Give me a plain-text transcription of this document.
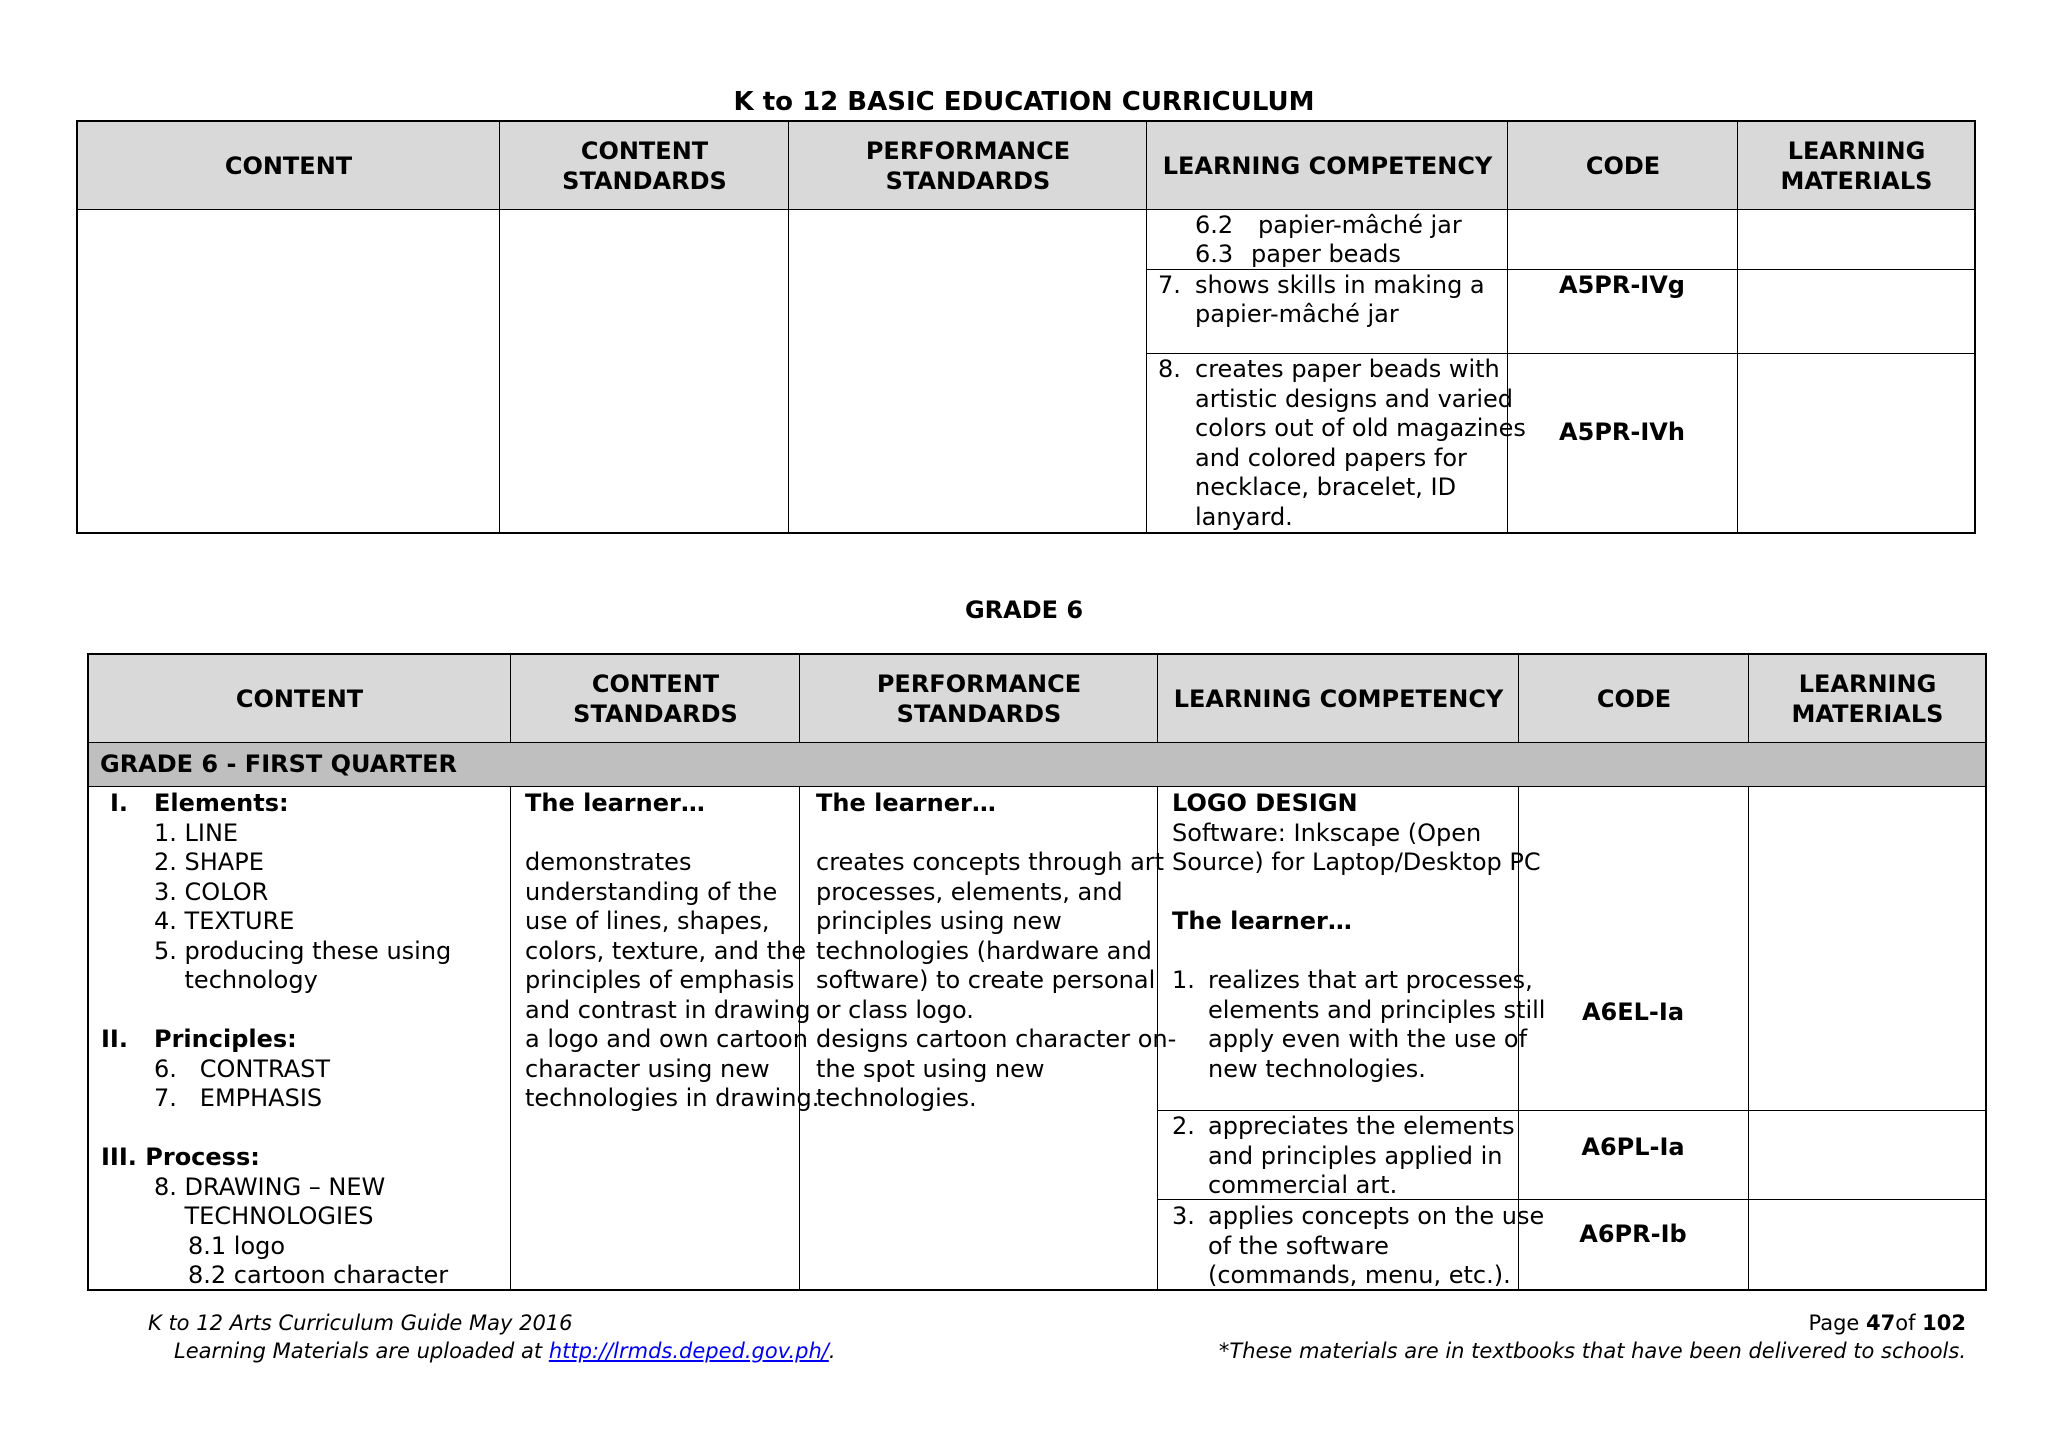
K to 12 BASIC EDUCATION CURRICULUM
CONTENT
CONTENT STANDARDS
PERFORMANCE STANDARDS
LEARNING COMPETENCY	CODE
LEARNING MATERIALS
6.2 papier-mâché jar
6.3 paper beads
7. shows skills in making a
papier-mâché jar
A5PR-IVg
8. creates paper beads with
artistic designs and varied
colors out of old magazines
and colored papers for
necklace, bracelet, ID
lanyard.
A5PR-IVh
GRADE 6
CONTENT
CONTENT STANDARDS
PERFORMANCE STANDARDS
LEARNING COMPETENCY	CODE
LEARNING MATERIALS
GRADE 6 - FIRST QUARTER
I. Elements:
1. LINE
2. SHAPE
3. COLOR
4. TEXTURE
5. producing these using
technology
II. Principles:
6.   CONTRAST
7.   EMPHASIS
III. Process:
8. DRAWING – NEW
TECHNOLOGIES
8.1 logo
8.2 cartoon character
The learner…
demonstrates
understanding of the
use of lines, shapes,
colors, texture, and the
principles of emphasis
and contrast in drawing
a logo and own cartoon
character using new
technologies in drawing.
The learner…
creates concepts through art
processes, elements, and
principles using new
technologies (hardware and
software) to create personal
or class logo.
designs cartoon character on-
the spot using new
technologies.
LOGO DESIGN
Software: Inkscape (Open
Source) for Laptop/Desktop PC
The learner…
1. realizes that art processes,
elements and principles still
apply even with the use of
new technologies.
2. appreciates the elements
and principles applied in
commercial art.
3. applies concepts on the use
of the software
(commands, menu, etc.).
A6EL-Ia
A6PL-Ia
A6PR-Ib
K to 12 Arts Curriculum Guide May 2016
Learning Materials are uploaded at http://lrmds.deped.gov.ph/.
Page 47of 102
*These materials are in textbooks that have been delivered to schools.
